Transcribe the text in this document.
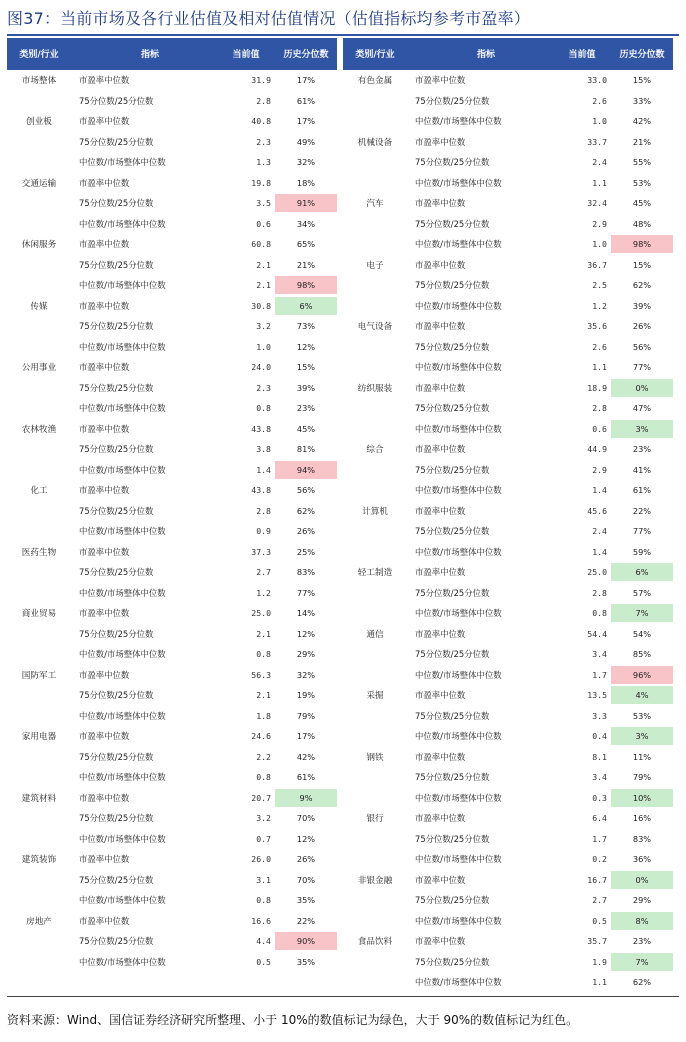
图37：当前市场及各行业估值及相对估值情况（估值指标均参考市盈率）
类别/行业	指标	当前值	历史分位数
市场整体	市盈率中位数	31.9	17%
75分位数/25分位数	2.8	61%
创业板	市盈率中位数	40.8	17%
75分位数/25分位数	2.3	49%
中位数/市场整体中位数	1.3	32%
交通运输	市盈率中位数	19.8	18%
75分位数/25分位数	3.5	91%
中位数/市场整体中位数	0.6	34%
休闲服务	市盈率中位数	60.8	65%
75分位数/25分位数	2.1	21%
中位数/市场整体中位数	2.1	98%
传媒	市盈率中位数	30.8	6%
75分位数/25分位数	3.2	73%
中位数/市场整体中位数	1.0	12%
公用事业	市盈率中位数	24.0	15%
75分位数/25分位数	2.3	39%
中位数/市场整体中位数	0.8	23%
农林牧渔	市盈率中位数	43.8	45%
75分位数/25分位数	3.8	81%
中位数/市场整体中位数	1.4	94%
化工	市盈率中位数	43.8	56%
75分位数/25分位数	2.8	62%
中位数/市场整体中位数	0.9	26%
医药生物	市盈率中位数	37.3	25%
75分位数/25分位数	2.7	83%
中位数/市场整体中位数	1.2	77%
商业贸易	市盈率中位数	25.0	14%
75分位数/25分位数	2.1	12%
中位数/市场整体中位数	0.8	29%
国防军工	市盈率中位数	56.3	32%
75分位数/25分位数	2.1	19%
中位数/市场整体中位数	1.8	79%
家用电器	市盈率中位数	24.6	17%
75分位数/25分位数	2.2	42%
中位数/市场整体中位数	0.8	61%
建筑材料	市盈率中位数	20.7	9%
75分位数/25分位数	3.2	70%
中位数/市场整体中位数	0.7	12%
建筑装饰	市盈率中位数	26.0	26%
75分位数/25分位数	3.1	70%
中位数/市场整体中位数	0.8	35%
房地产	市盈率中位数	16.6	22%
75分位数/25分位数	4.4	90%
中位数/市场整体中位数	0.5	35%
类别/行业	指标	当前值	历史分位数
有色金属	市盈率中位数	33.0	15%
75分位数/25分位数	2.6	33%
中位数/市场整体中位数	1.0	42%
机械设备	市盈率中位数	33.7	21%
75分位数/25分位数	2.4	55%
中位数/市场整体中位数	1.1	53%
汽车	市盈率中位数	32.4	45%
75分位数/25分位数	2.9	48%
中位数/市场整体中位数	1.0	98%
电子	市盈率中位数	36.7	15%
75分位数/25分位数	2.5	62%
中位数/市场整体中位数	1.2	39%
电气设备	市盈率中位数	35.6	26%
75分位数/25分位数	2.6	56%
中位数/市场整体中位数	1.1	77%
纺织服装	市盈率中位数	18.9	0%
75分位数/25分位数	2.8	47%
中位数/市场整体中位数	0.6	3%
综合	市盈率中位数	44.9	23%
75分位数/25分位数	2.9	41%
中位数/市场整体中位数	1.4	61%
计算机	市盈率中位数	45.6	22%
75分位数/25分位数	2.4	77%
中位数/市场整体中位数	1.4	59%
轻工制造	市盈率中位数	25.0	6%
75分位数/25分位数	2.8	57%
中位数/市场整体中位数	0.8	7%
通信	市盈率中位数	54.4	54%
75分位数/25分位数	3.4	85%
中位数/市场整体中位数	1.7	96%
采掘	市盈率中位数	13.5	4%
75分位数/25分位数	3.3	53%
中位数/市场整体中位数	0.4	3%
钢铁	市盈率中位数	8.1	11%
75分位数/25分位数	3.4	79%
中位数/市场整体中位数	0.3	10%
银行	市盈率中位数	6.4	16%
75分位数/25分位数	1.7	83%
中位数/市场整体中位数	0.2	36%
非银金融	市盈率中位数	16.7	0%
75分位数/25分位数	2.7	29%
中位数/市场整体中位数	0.5	8%
食品饮料	市盈率中位数	35.7	23%
75分位数/25分位数	1.9	7%
中位数/市场整体中位数	1.1	62%
资料来源：Wind、国信证券经济研究所整理、小于 10%的数值标记为绿色，大于 90%的数值标记为红色。
